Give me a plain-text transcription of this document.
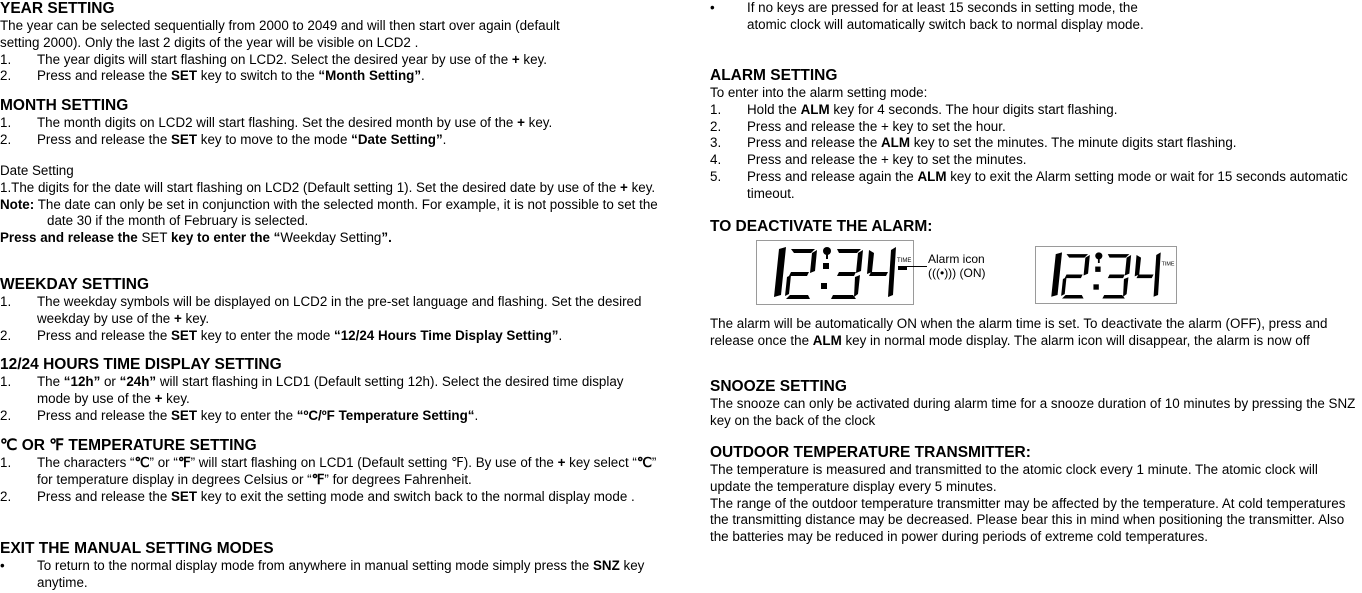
YEAR SETTING

The year can be selected sequentially from 2000 to 2049 and will then start over again (default

setting 2000). Only the last 2 digits of the year will be visible on LCD2 .

1. The year digits will start flashing on LCD2. Select the desired year by use of the + key.
2. Press and release the SET key to switch to the “Month Setting”.
MONTH SETTING
1. The month digits on LCD2 will start flashing. Set the desired month by use of the + key.
2. Press and release the SET key to move to the mode “Date Setting”.

Date Setting

1.The digits for the date will start flashing on LCD2 (Default setting 1). Set the desired date by use of the + key.
Note: The date can only be set in conjunction with the selected month. For example, it is not possible to set the date 30 if the month of February is selected.

Press and release the SET key to enter the “Weekday Setting”.

WEEKDAY SETTING
1. The weekday symbols will be displayed on LCD2 in the pre-set language and flashing. Set the desired weekday by use of the + key.
2. Press and release the SET key to enter the mode “12/24 Hours Time Display Setting”.
12/24 HOURS TIME DISPLAY SETTING
1. The “12h” or “24h” will start flashing in LCD1 (Default setting 12h). Select the desired time display mode by use of the + key.
2. Press and release the SET key to enter the “ºC/ºF Temperature Setting“.
℃ OR ℉ TEMPERATURE SETTING
1. The characters “℃” or “℉” will start flashing on LCD1 (Default setting ℉). By use of the + key select “℃” for temperature display in degrees Celsius or “℉” for degrees Fahrenheit.
2. Press and release the SET key to exit the setting mode and switch back to the normal display mode .
EXIT THE MANUAL SETTING MODES
• To return to the normal display mode from anywhere in manual setting mode simply press the SNZ key anytime.
• If no keys are pressed for at least 15 seconds in setting mode, the atomic clock will automatically switch back to normal display mode.
ALARM SETTING

To enter into the alarm setting mode:

1. Hold the ALM key for 4 seconds. The hour digits start flashing.
2. Press and release the + key to set the hour.
3. Press and release the ALM key to set the minutes. The minute digits start flashing.
4. Press and release the + key to set the minutes.
5. Press and release again the ALM key to exit the Alarm setting mode or wait for 15 seconds automatic timeout.
TO DEACTIVATE THE ALARM:
TIME Alarm icon
(((•))) (ON)
TIME

The alarm will be automatically ON when the alarm time is set. To deactivate the alarm (OFF), press and release once the ALM key in normal mode display. The alarm icon will disappear, the alarm is now off

SNOOZE SETTING

The snooze can only be activated during alarm time for a snooze duration of 10 minutes by pressing the SNZ key on the back of the clock

OUTDOOR TEMPERATURE TRANSMITTER:

The temperature is measured and transmitted to the atomic clock every 1 minute. The atomic clock will update the temperature display every 5 minutes.

The range of the outdoor temperature transmitter may be affected by the temperature. At cold temperatures the transmitting distance may be decreased. Please bear this in mind when positioning the transmitter. Also the batteries may be reduced in power during periods of extreme cold temperatures.
